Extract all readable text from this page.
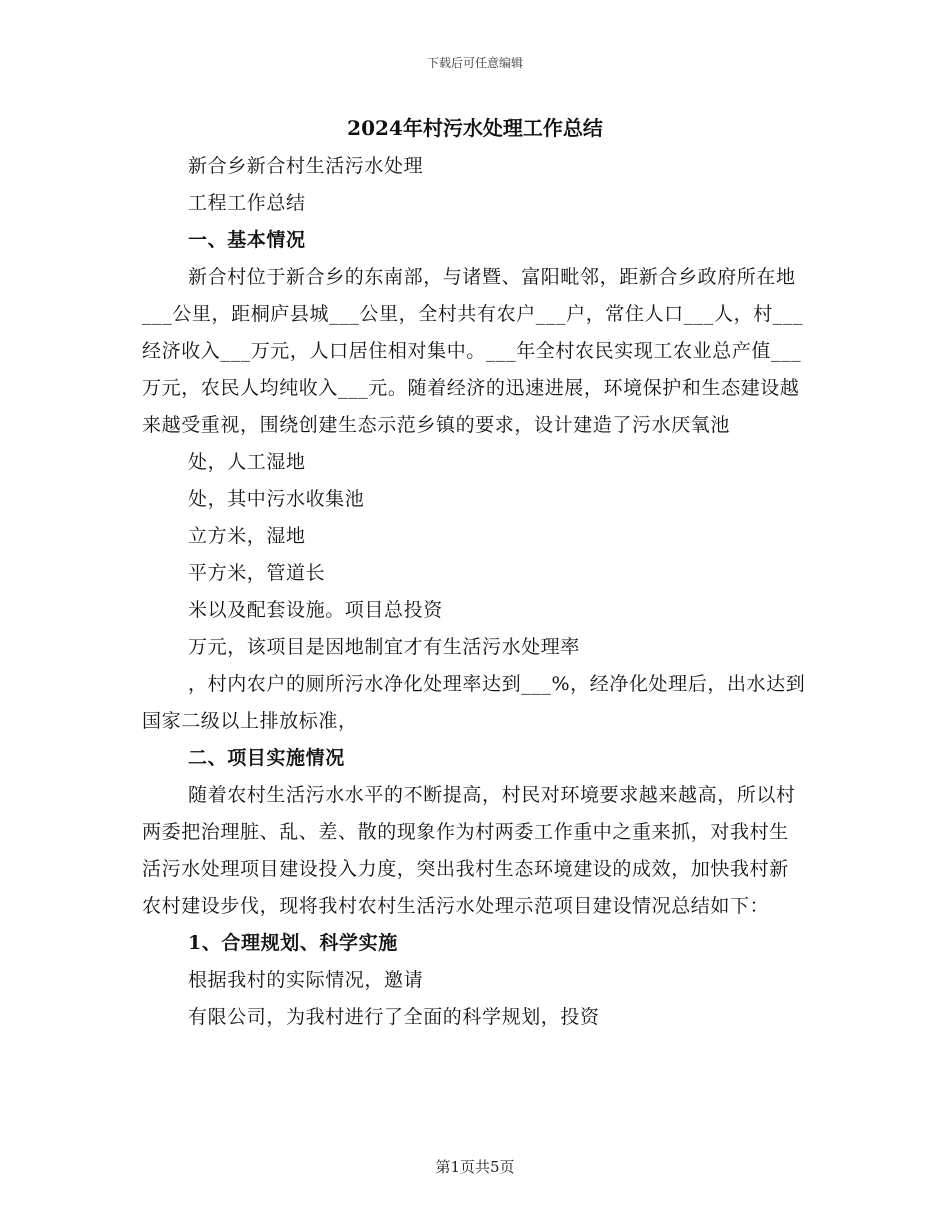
下载后可任意编辑
2024年村污水处理工作总结

新合乡新合村生活污水处理

工程工作总结

一、基本情况

新合村位于新合乡的东南部，与诸暨、富阳毗邻，距新合乡政府所在地___公里，距桐庐县城___公里，全村共有农户___户，常住人口___人，村___经济收入___万元，人口居住相对集中。___年全村农民实现工农业总产值___万元，农民人均纯收入___元。随着经济的迅速进展，环境保护和生态建设越来越受重视，围绕创建生态示范乡镇的要求，设计建造了污水厌氧池

处，人工湿地

处，其中污水收集池

立方米，湿地

平方米，管道长

米以及配套设施。项目总投资

万元，该项目是因地制宜才有生活污水处理率

，村内农户的厕所污水净化处理率达到___%，经净化处理后，出水达到国家二级以上排放标准，

二、项目实施情况

随着农村生活污水水平的不断提高，村民对环境要求越来越高，所以村两委把治理脏、乱、差、散的现象作为村两委工作重中之重来抓，对我村生活污水处理项目建设投入力度，突出我村生态环境建设的成效，加快我村新农村建设步伐，现将我村农村生活污水处理示范项目建设情况总结如下：

1、合理规划、科学实施

根据我村的实际情况，邀请

有限公司，为我村进行了全面的科学规划，投资

第1页共5页
